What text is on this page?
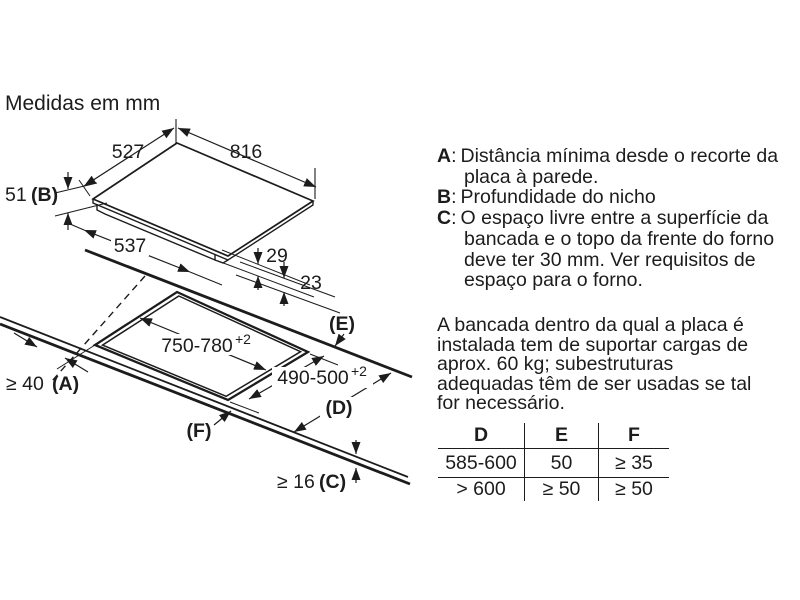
527	816
51 (B)
537	29
23
750-780 +2
490-500 +2
(D)
(E)
(F)
≥ 40 (A)
≥ 16 (C)
Medidas em mm
A : Distância mínima desde o recorte da placa à parede.
B : Profundidade do nicho
C : O espaço livre entre a superfície da bancada e o topo da frente do forno deve ter 30 mm. Ver requisitos de espaço para o forno.
A bancada dentro da qual a placa é instalada tem de suportar cargas de aprox. 60 kg; subestruturas adequadas têm de ser usadas se tal for necessário.
D	E	F
585-600	50	≥ 35
> 600	≥ 50	≥ 50
